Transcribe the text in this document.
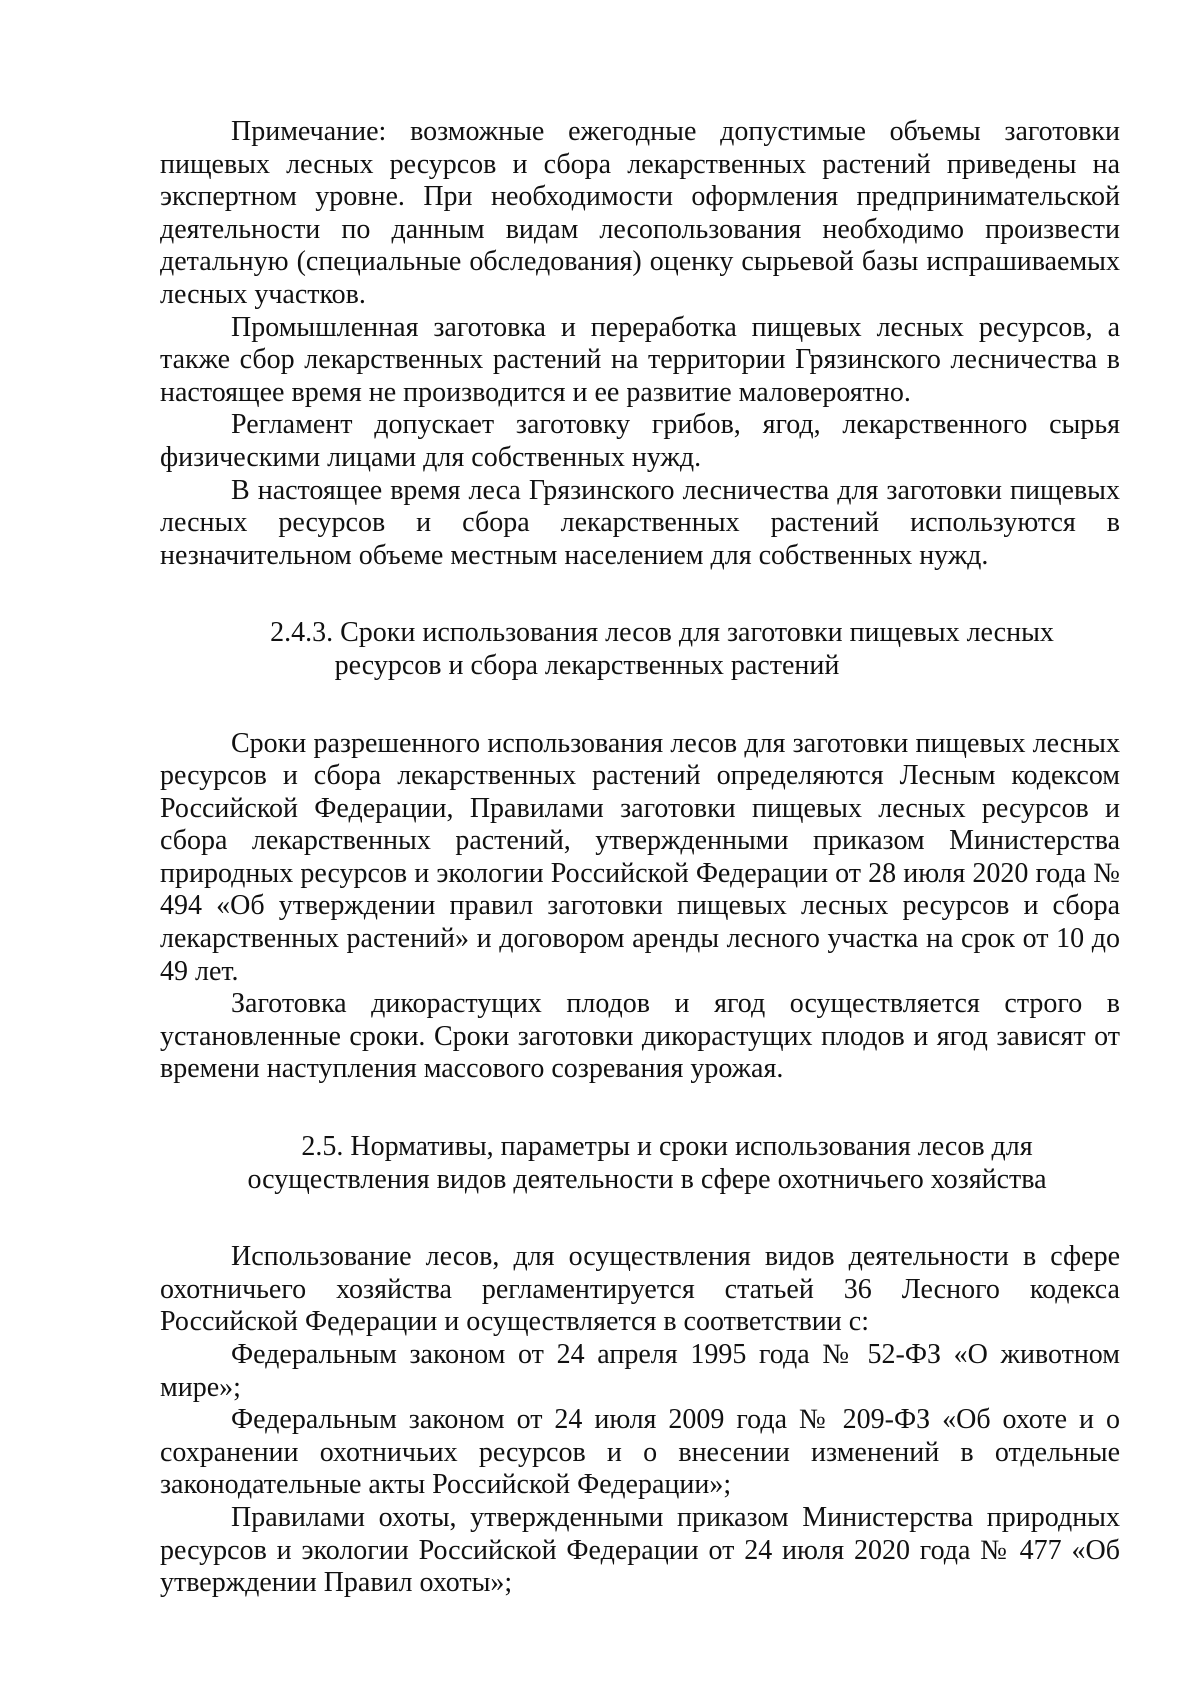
Примечание: возможные ежегодные допустимые объемы заготовки пищевых лесных ресурсов и сбора лекарственных растений приведены на экспертном уровне. При необходимости оформления предпринимательской деятельности по данным видам лесопользования необходимо произвести детальную (специальные обследования) оценку сырьевой базы испрашиваемых лесных участков.

Промышленная заготовка и переработка пищевых лесных ресурсов, а также сбор лекарственных растений на территории Грязинского лесничества в настоящее время не производится и ее развитие маловероятно.

Регламент допускает заготовку грибов, ягод, лекарственного сырья физическими лицами для собственных нужд.

В настоящее время леса Грязинского лесничества для заготовки пищевых лесных ресурсов и сбора лекарственных растений используются в незначительном объеме местным населением для собственных нужд.

2.4.3. Сроки использования лесов для заготовки пищевых лесных
ресурсов и сбора лекарственных растений

Сроки разрешенного использования лесов для заготовки пищевых лесных ресурсов и сбора лекарственных растений определяются Лесным кодексом Российской Федерации, Правилами заготовки пищевых лесных ресурсов и сбора лекарственных растений, утвержденными приказом Министерства природных ресурсов и экологии Российской Федерации от 28 июля 2020 года № 494 «Об утверждении правил заготовки пищевых лесных ресурсов и сбора лекарственных растений» и договором аренды лесного участка на срок от 10 до 49 лет.

Заготовка дикорастущих плодов и ягод осуществляется строго в установленные сроки. Сроки заготовки дикорастущих плодов и ягод зависят от времени наступления массового созревания урожая.

2.5. Нормативы, параметры и сроки использования лесов для
осуществления видов деятельности в сфере охотничьего хозяйства

Использование лесов, для осуществления видов деятельности в сфере охотничьего хозяйства регламентируется статьей 36 Лесного кодекса Российской Федерации и осуществляется в соответствии с:

Федеральным законом от 24 апреля 1995 года № 52-ФЗ «О животном мире»;

Федеральным законом от 24 июля 2009 года № 209-ФЗ «Об охоте и о сохранении охотничьих ресурсов и о внесении изменений в отдельные законодательные акты Российской Федерации»;

Правилами охоты, утвержденными приказом Министерства природных ресурсов и экологии Российской Федерации от 24 июля 2020 года № 477 «Об утверждении Правил охоты»;
